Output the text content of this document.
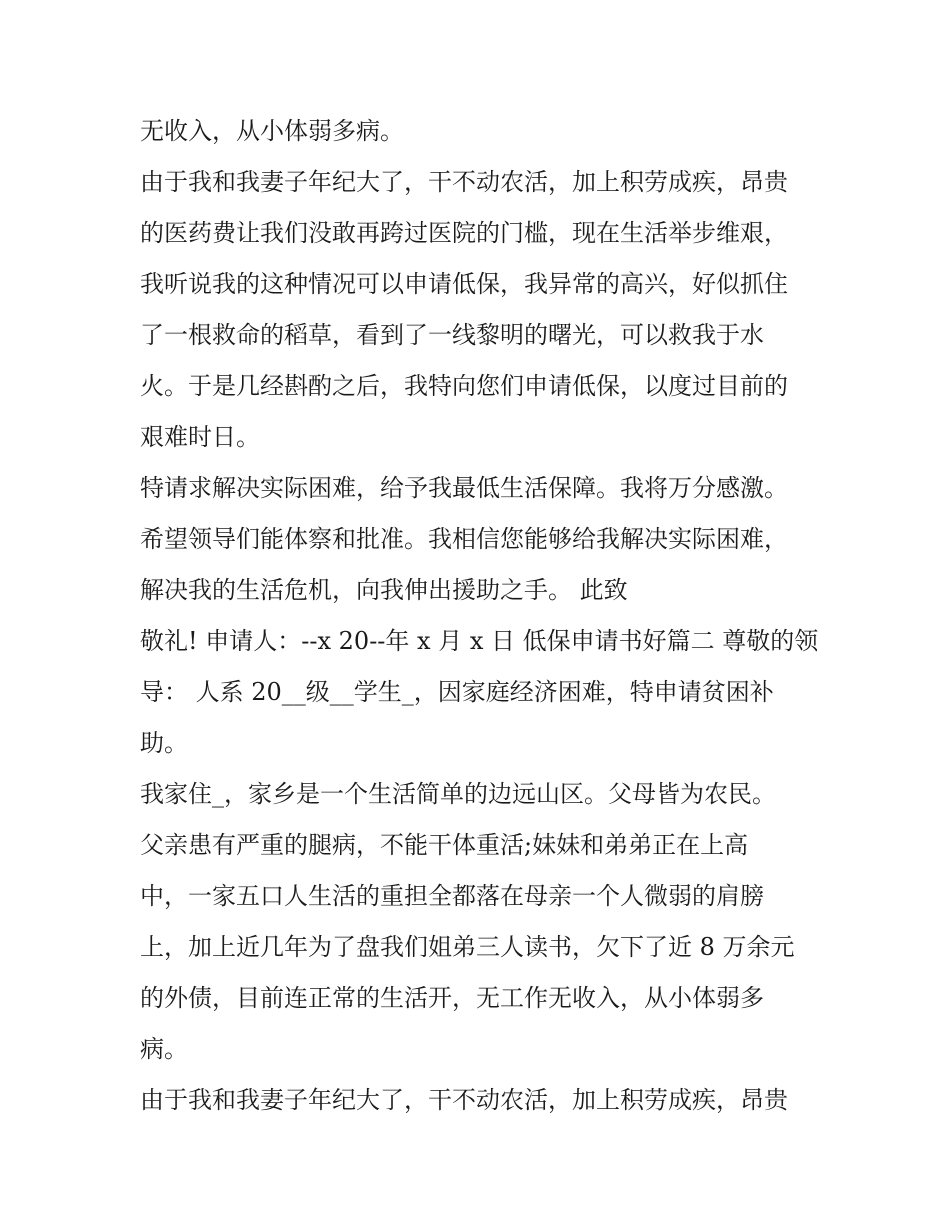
无收入，从小体弱多病。
由于我和我妻子年纪大了，干不动农活，加上积劳成疾，昂贵
的医药费让我们没敢再跨过医院的门槛，现在生活举步维艰，
我听说我的这种情况可以申请低保，我异常的高兴，好似抓住
了一根救命的稻草，看到了一线黎明的曙光，可以救我于水
火。于是几经斟酌之后，我特向您们申请低保，以度过目前的
艰难时日。
特请求解决实际困难，给予我最低生活保障。我将万分感激。
希望领导们能体察和批准。我相信您能够给我解决实际困难，
解决我的生活危机，向我伸出援助之手。 此致
敬礼! 申请人：--x 20--年 x 月 x 日 低保申请书好篇二 尊敬的领
导： 人系 20__级__学生_，因家庭经济困难，特申请贫困补
助。
我家住_，家乡是一个生活简单的边远山区。父母皆为农民。
父亲患有严重的腿病，不能干体重活;妹妹和弟弟正在上高
中，一家五口人生活的重担全都落在母亲一个人微弱的肩膀
上，加上近几年为了盘我们姐弟三人读书，欠下了近 8 万余元
的外债，目前连正常的生活开，无工作无收入，从小体弱多
病。
由于我和我妻子年纪大了，干不动农活，加上积劳成疾，昂贵
